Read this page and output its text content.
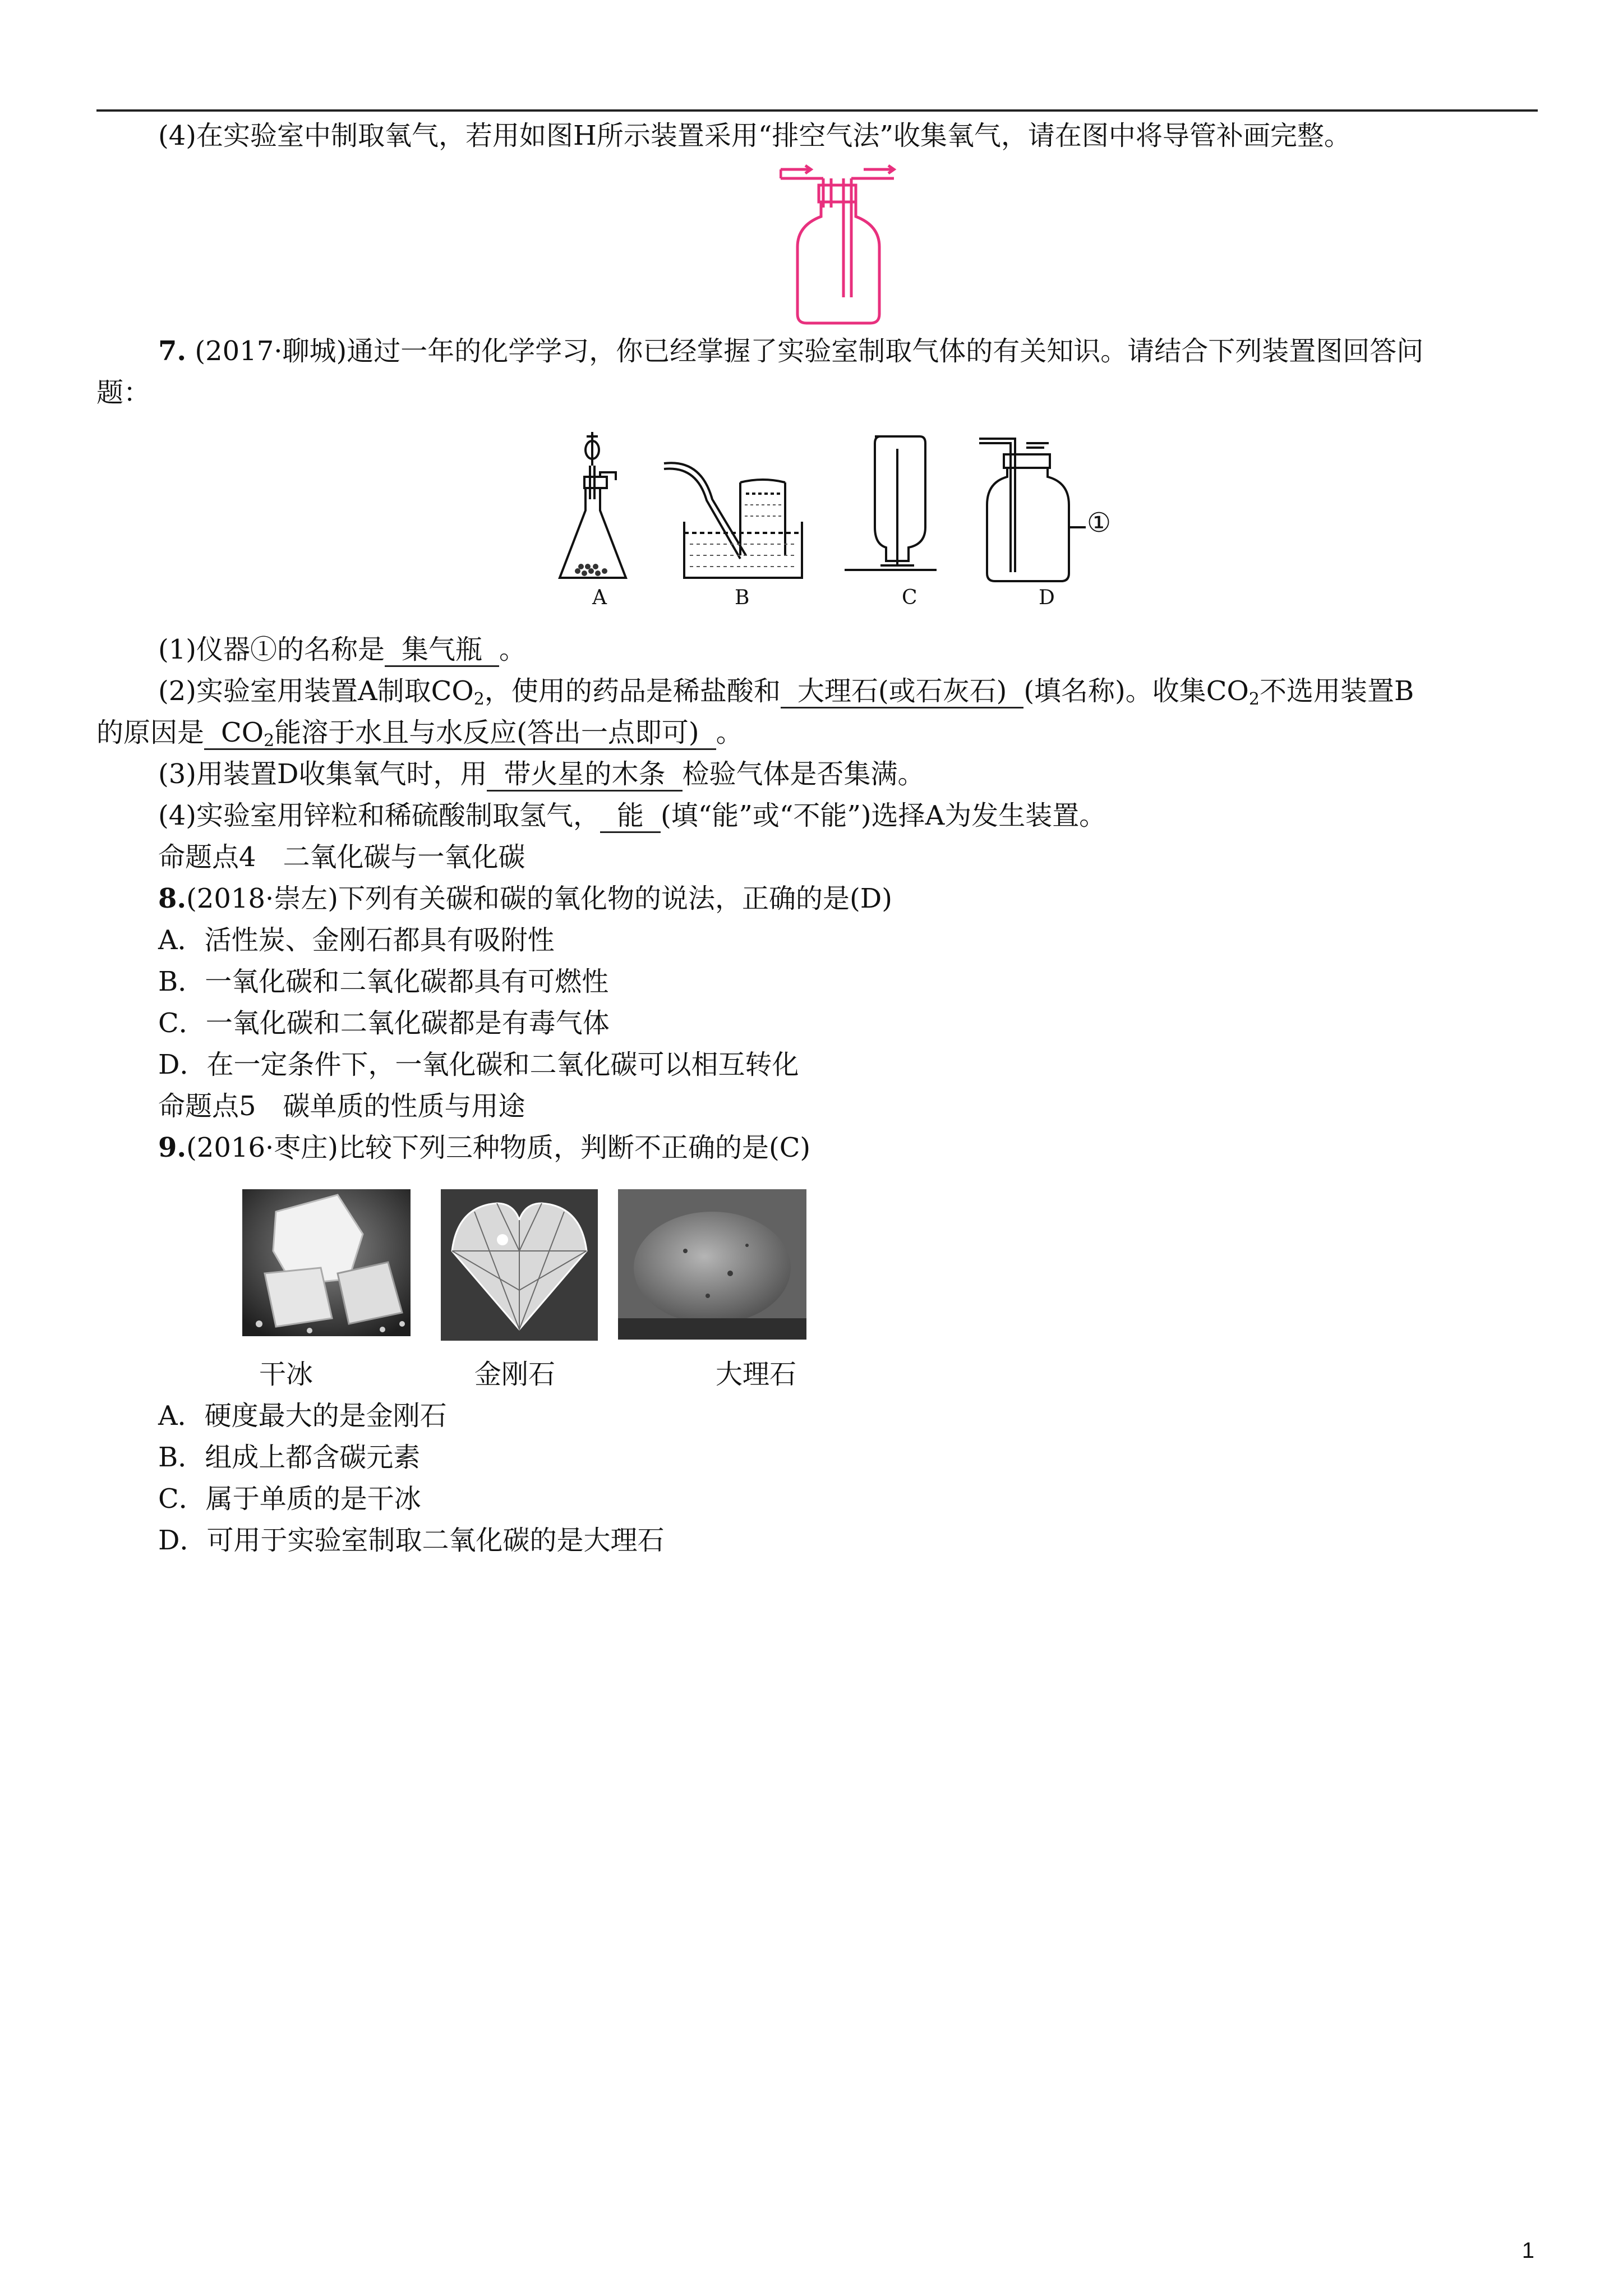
(4)在实验室中制取氧气，若用如图H所示装置采用“排空气法”收集氧气，请在图中将导管补画完整。
7. (2017·聊城)通过一年的化学学习，你已经掌握了实验室制取气体的有关知识。请结合下列装置图回答问
题：
A	B	C
①
D
(1)仪器①的名称是 集气瓶 。
(2)实验室用装置A制取$CO_2$，使用的药品是稀盐酸和 大理石(或石灰石) (填名称)。收集$CO_2$不选用装置B
的原因是 $CO_2$能溶于水且与水反应(答出一点即可) 。
(3)用装置D收集氧气时，用 带火星的木条 检验气体是否集满。
(4)实验室用锌粒和稀硫酸制取氢气， 能 (填“能”或“不能”)选择A为发生装置。
命题点4　二氧化碳与一氧化碳
8.(2018·崇左)下列有关碳和碳的氧化物的说法，正确的是(D)
A．活性炭、金刚石都具有吸附性
B．一氧化碳和二氧化碳都具有可燃性
C．一氧化碳和二氧化碳都是有毒气体
D．在一定条件下，一氧化碳和二氧化碳可以相互转化
命题点5　碳单质的性质与用途
9.(2016·枣庄)比较下列三种物质，判断不正确的是(C)
干冰	金刚石	大理石
A．硬度最大的是金刚石
B．组成上都含碳元素
C．属于单质的是干冰
D．可用于实验室制取二氧化碳的是大理石
1
